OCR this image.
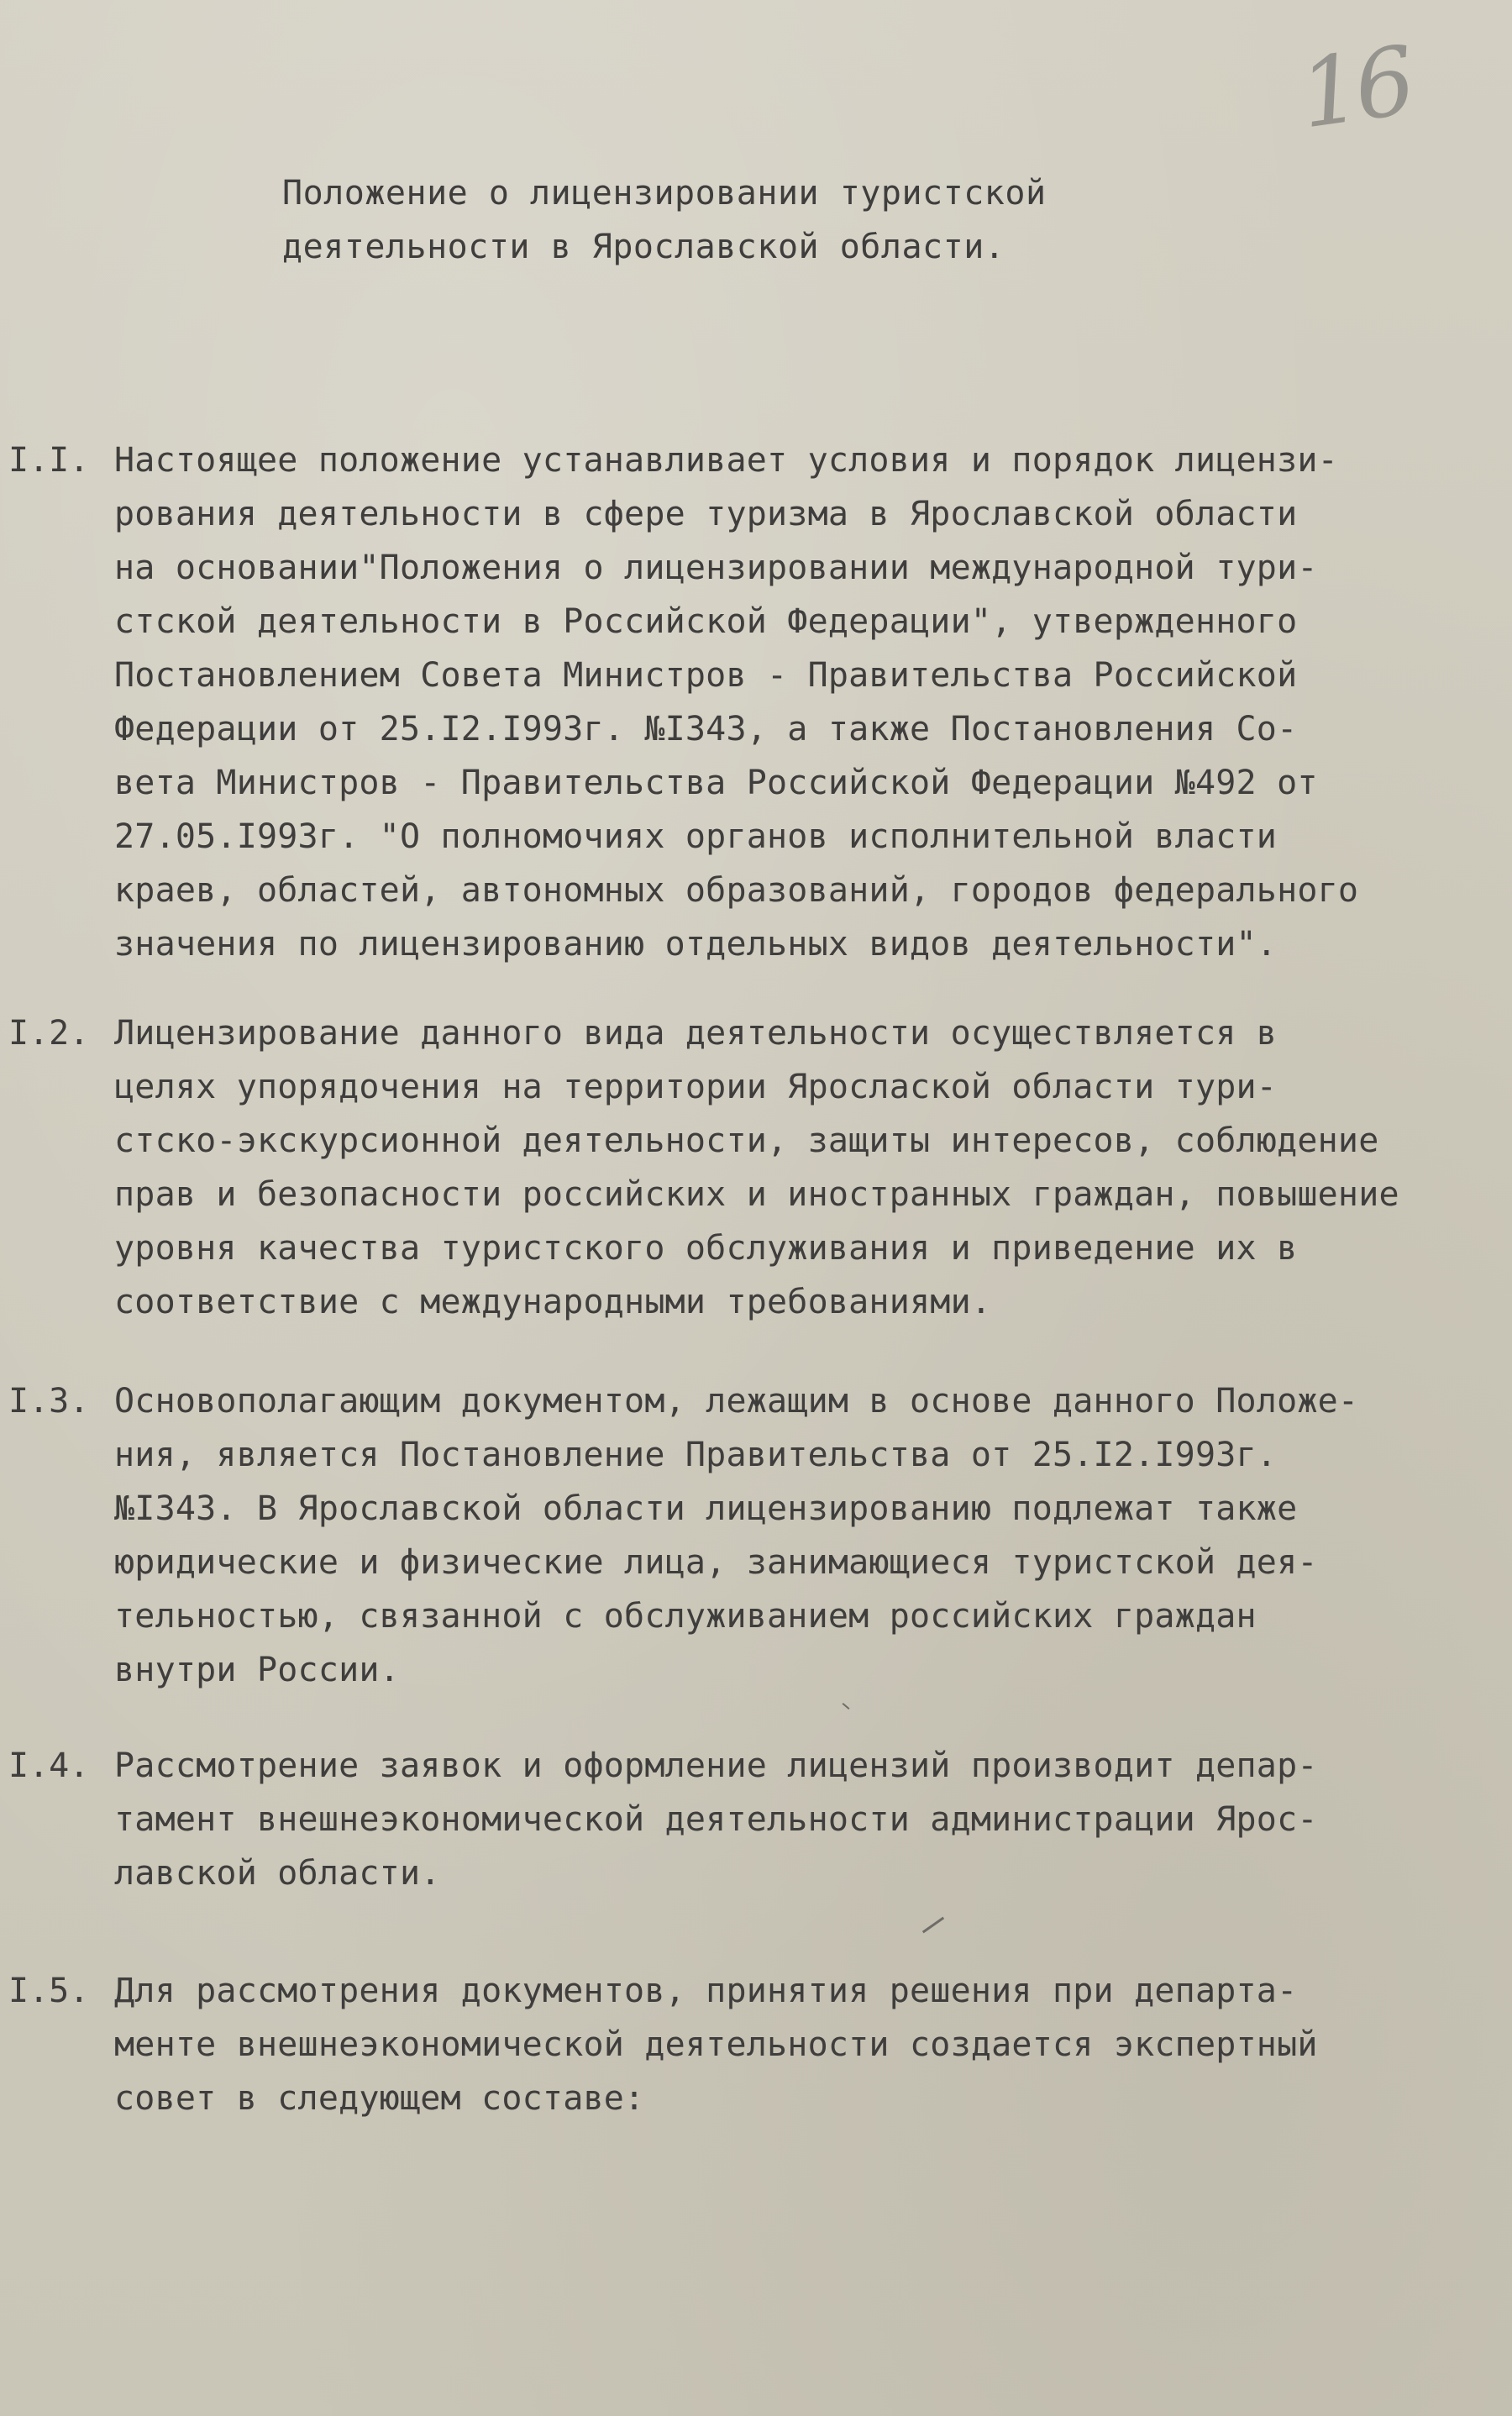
16
Положение о лицензировании туристской
деятельности в Ярославской области.
I.I. Настоящее положение устанавливает условия и порядок лицензи-
рования деятельности в сфере туризма в Ярославской области
на основании"Положения о лицензировании международной тури-
стской деятельности в Российской Федерации", утвержденного
Постановлением Совета Министров - Правительства Российской
Федерации от 25.I2.I993г. №I343, а также Постановления Со-
вета Министров - Правительства Российской Федерации №492 от
27.05.I993г. "О полномочиях органов исполнительной власти
краев, областей, автономных образований, городов федерального
значения по лицензированию отдельных видов деятельности".
I.2. Лицензирование данного вида деятельности осуществляется в
целях упорядочения на территории Ярослаской области тури-
стско-экскурсионной деятельности, защиты интересов, соблюдение
прав и безопасности российских и иностранных граждан, повышение
уровня качества туристского обслуживания и приведение их в
соответствие с международными требованиями.
I.3. Основополагающим документом, лежащим в основе данного Положе-
ния, является Постановление Правительства от 25.I2.I993г.
№I343. В Ярославской области лицензированию подлежат также
юридические и физические лица, занимающиеся туристской дея-
тельностью, связанной с обслуживанием российских граждан
внутри России.
I.4. Рассмотрение заявок и оформление лицензий производит депар-
тамент внешнеэкономической деятельности администрации Ярос-
лавской области.
I.5. Для рассмотрения документов, принятия решения при департа-
менте внешнеэкономической деятельности создается экспертный
совет в следующем составе:
